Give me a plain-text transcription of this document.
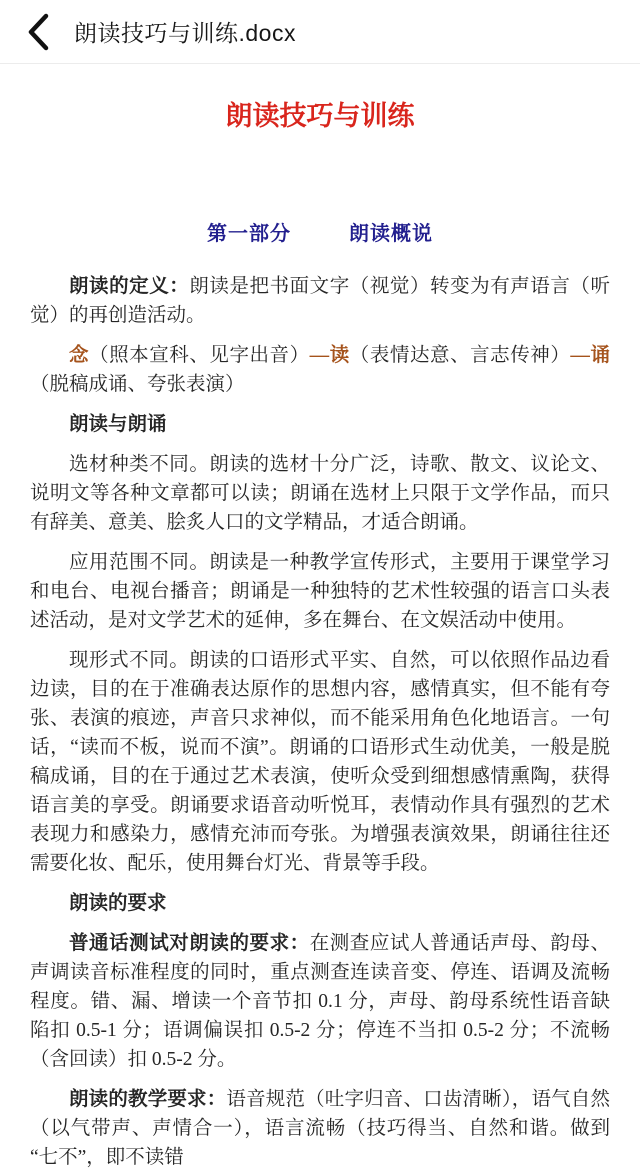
朗读技巧与训练.docx
朗读技巧与训练
第一部分	朗读概说

朗读的定义：朗读是把书面文字（视觉）转变为有声语言（听觉）的再创造活动。

念（照本宣科、见字出音）—读（表情达意、言志传神）—诵（脱稿成诵、夸张表演）

朗读与朗诵

选材种类不同。朗读的选材十分广泛，诗歌、散文、议论文、说明文等各种文章都可以读；朗诵在选材上只限于文学作品，而只有辞美、意美、脍炙人口的文学精品，才适合朗诵。

应用范围不同。朗读是一种教学宣传形式，主要用于课堂学习和电台、电视台播音；朗诵是一种独特的艺术性较强的语言口头表述活动，是对文学艺术的延伸，多在舞台、在文娱活动中使用。

现形式不同。朗读的口语形式平实、自然，可以依照作品边看边读，目的在于准确表达原作的思想内容，感情真实，但不能有夸张、表演的痕迹，声音只求神似，而不能采用角色化地语言。一句话，“读而不板，说而不演”。朗诵的口语形式生动优美，一般是脱稿成诵，目的在于通过艺术表演，使听众受到细想感情熏陶，获得语言美的享受。朗诵要求语音动听悦耳，表情动作具有强烈的艺术表现力和感染力，感情充沛而夸张。为增强表演效果，朗诵往往还需要化妆、配乐，使用舞台灯光、背景等手段。

朗读的要求

普通话测试对朗读的要求：在测查应试人普通话声母、韵母、声调读音标准程度的同时，重点测查连读音变、停连、语调及流畅程度。错、漏、增读一个音节扣 0.1 分，声母、韵母系统性语音缺陷扣 0.5-1 分；语调偏误扣 0.5-2 分；停连不当扣 0.5-2 分；不流畅（含回读）扣 0.5-2 分。

朗读的教学要求：语音规范（吐字归音、口齿清晰），语气自然（以气带声、声情合一），语言流畅（技巧得当、自然和谐。做到“七不”，即不读错
